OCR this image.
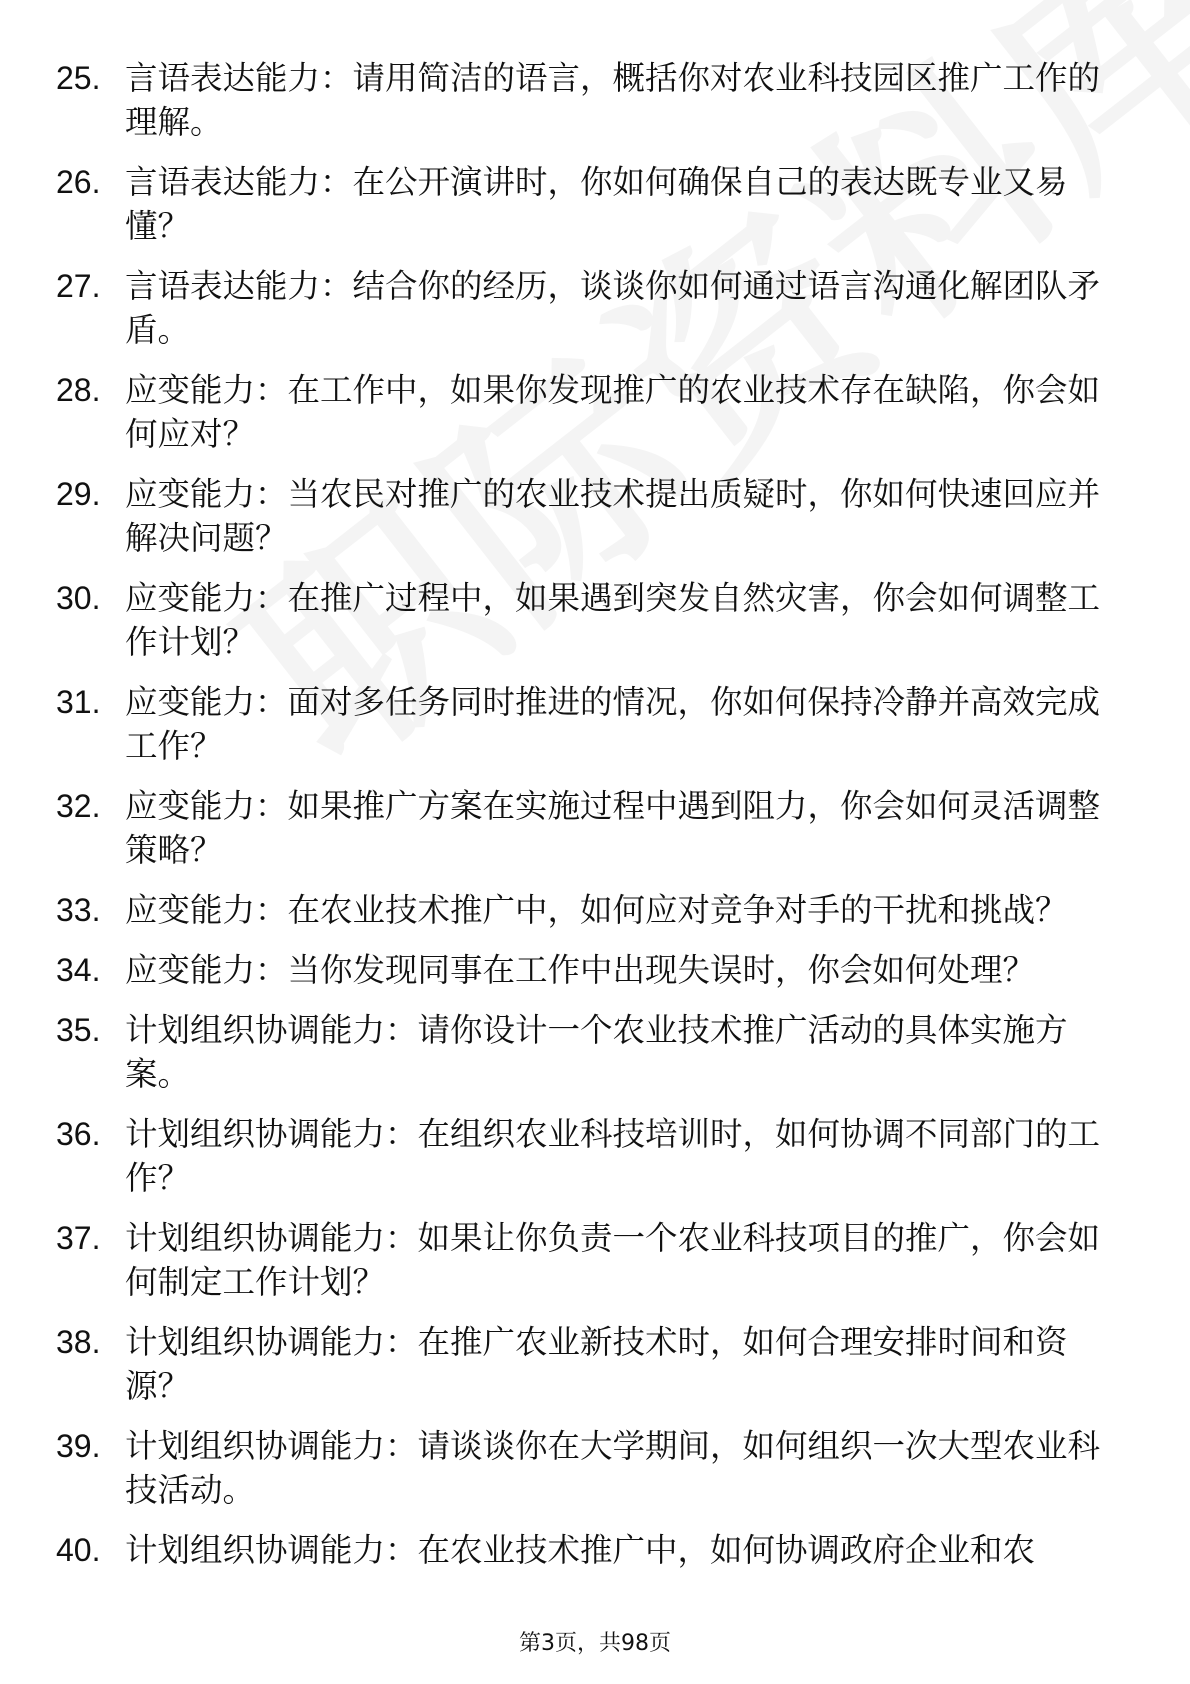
25. 言语表达能力：请用简洁的语言，概括你对农业科技园区推广工作的理解。
26. 言语表达能力：在公开演讲时，你如何确保自己的表达既专业又易懂？
27. 言语表达能力：结合你的经历，谈谈你如何通过语言沟通化解团队矛盾。
28. 应变能力：在工作中，如果你发现推广的农业技术存在缺陷，你会如何应对？
29. 应变能力：当农民对推广的农业技术提出质疑时，你如何快速回应并解决问题？
30. 应变能力：在推广过程中，如果遇到突发自然灾害，你会如何调整工作计划？
31. 应变能力：面对多任务同时推进的情况，你如何保持冷静并高效完成工作？
32. 应变能力：如果推广方案在实施过程中遇到阻力，你会如何灵活调整策略？
33. 应变能力：在农业技术推广中，如何应对竞争对手的干扰和挑战？
34. 应变能力：当你发现同事在工作中出现失误时，你会如何处理？
35. 计划组织协调能力：请你设计一个农业技术推广活动的具体实施方案。
36. 计划组织协调能力：在组织农业科技培训时，如何协调不同部门的工作？
37. 计划组织协调能力：如果让你负责一个农业科技项目的推广，你会如何制定工作计划？
38. 计划组织协调能力：在推广农业新技术时，如何合理安排时间和资源？
39. 计划组织协调能力：请谈谈你在大学期间，如何组织一次大型农业科技活动。
40. 计划组织协调能力：在农业技术推广中，如何协调政府企业和农
第3页，共98页
